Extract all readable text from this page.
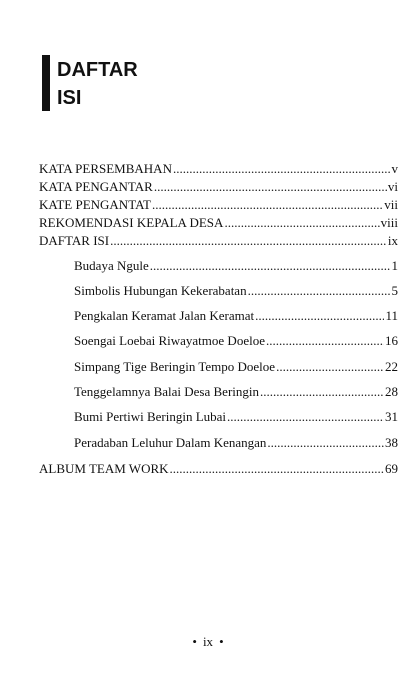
DAFTAR
ISI
KATA PERSEMBAHAN .....	v
KATA PENGANTAR .....	vi
KATE PENGANTAT .....	vii
REKOMENDASI KEPALA DESA .....	viii
DAFTAR ISI .....	ix
Budaya Ngule .....	1
Simbolis Hubungan Kekerabatan .....	5
Pengkalan Keramat Jalan Keramat .....	11
Soengai Loebai Riwayatmoe Doeloe .....	16
Simpang Tige Beringin Tempo Doeloe .....	22
Tenggelamnya Balai Desa Beringin .....	28
Bumi Pertiwi Beringin Lubai .....	31
Peradaban Leluhur Dalam Kenangan .....	38
ALBUM TEAM WORK .....	69
• ix •
